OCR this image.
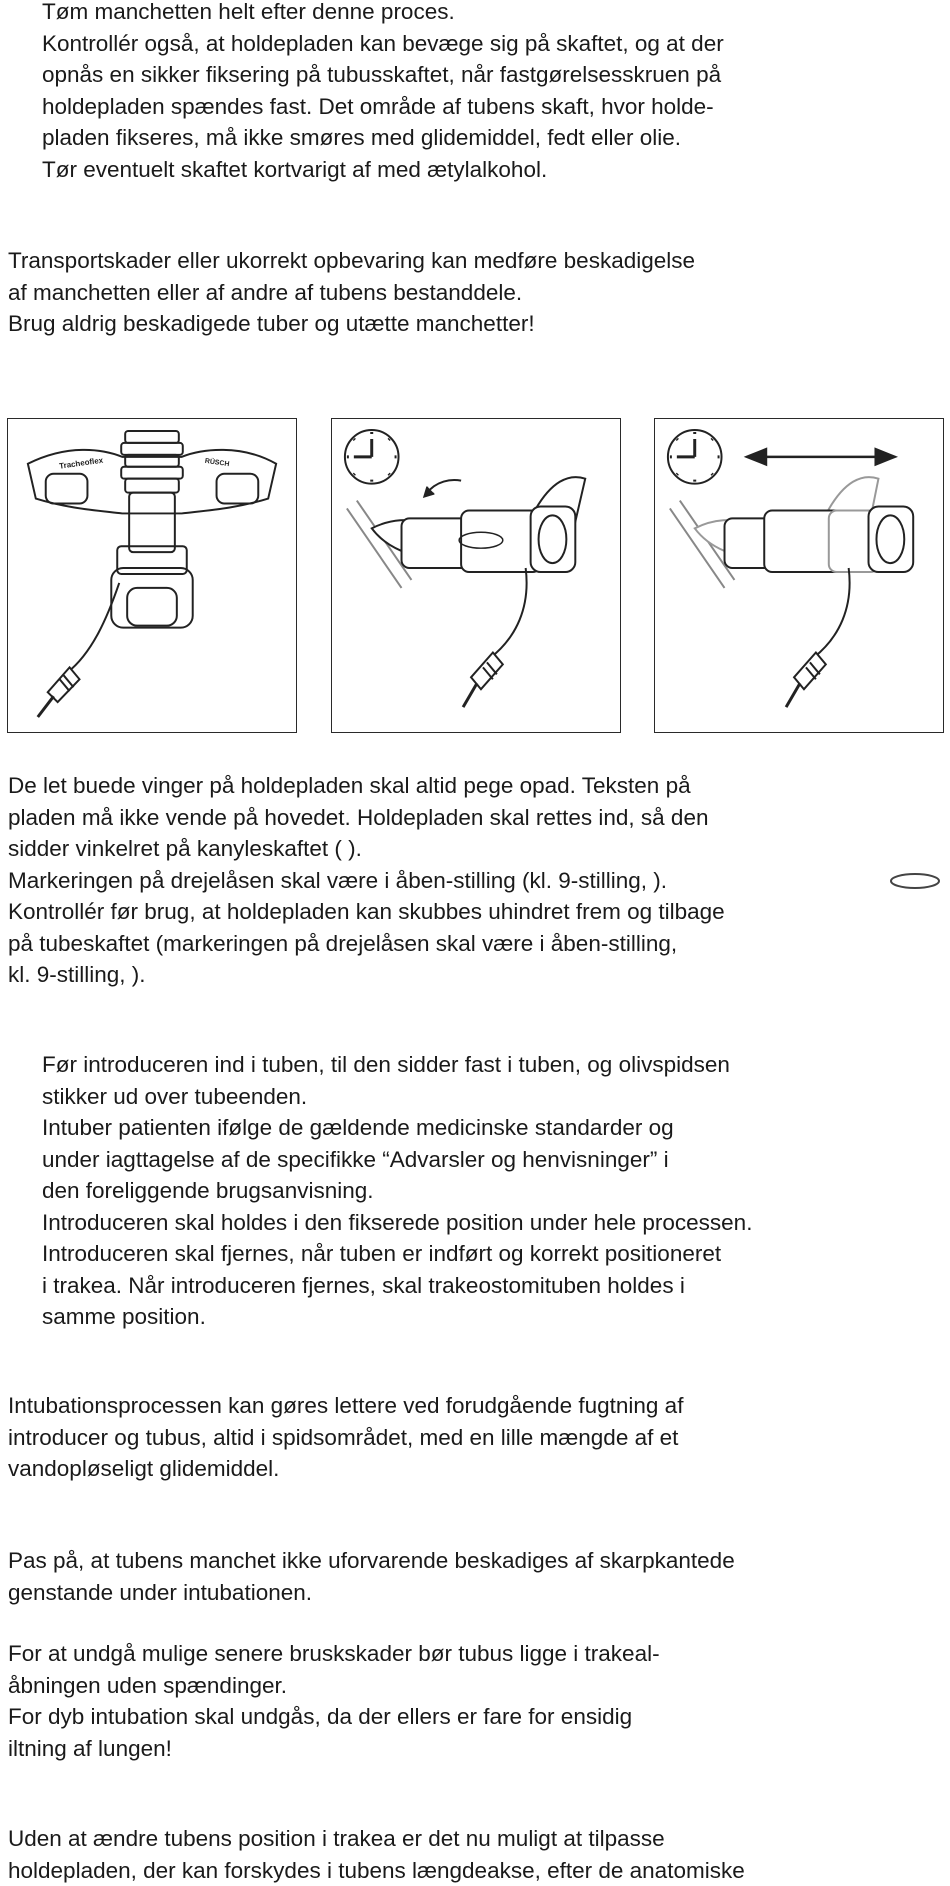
Tøm manchetten helt efter denne proces.
Kontrollér også, at holdepladen kan bevæge sig på skaftet, og at der
opnås en sikker fiksering på tubusskaftet, når fastgørelsesskruen på
holdepladen spændes fast. Det område af tubens skaft, hvor holde-
pladen fikseres, må ikke smøres med glidemiddel, fedt eller olie.
Tør eventuelt skaftet kortvarigt af med ætylalkohol.
Transportskader eller ukorrekt opbevaring kan medføre beskadigelse
af manchetten eller af andre af tubens bestanddele.
Brug aldrig beskadigede tuber og utætte manchetter!
Tracheoflex	RÜSCH
De let buede vinger på holdepladen skal altid pege opad. Teksten på
pladen må ikke vende på hovedet. Holdepladen skal rettes ind, så den
sidder vinkelret på kanyleskaftet ( ).
Markeringen på drejelåsen skal være i åben-stilling (kl. 9-stilling, ).
Kontrollér før brug, at holdepladen kan skubbes uhindret frem og tilbage
på tubeskaftet (markeringen på drejelåsen skal være i åben-stilling,
kl. 9-stilling, ).
Før introduceren ind i tuben, til den sidder fast i tuben, og olivspidsen
stikker ud over tubeenden.
Intuber patienten ifølge de gældende medicinske standarder og
under iagttagelse af de specifikke “Advarsler og henvisninger” i
den foreliggende brugsanvisning.
Introduceren skal holdes i den fikserede position under hele processen.
Introduceren skal fjernes, når tuben er indført og korrekt positioneret
i trakea. Når introduceren fjernes, skal trakeostomituben holdes i
samme position.
Intubationsprocessen kan gøres lettere ved forudgående fugtning af
introducer og tubus, altid i spidsområdet, med en lille mængde af et
vandopløseligt glidemiddel.
Pas på, at tubens manchet ikke uforvarende beskadiges af skarpkantede
genstande under intubationen.
For at undgå mulige senere bruskskader bør tubus ligge i trakeal-
åbningen uden spændinger.
For dyb intubation skal undgås, da der ellers er fare for ensidig
iltning af lungen!
Uden at ændre tubens position i trakea er det nu muligt at tilpasse
holdepladen, der kan forskydes i tubens længdeakse, efter de anatomiske
